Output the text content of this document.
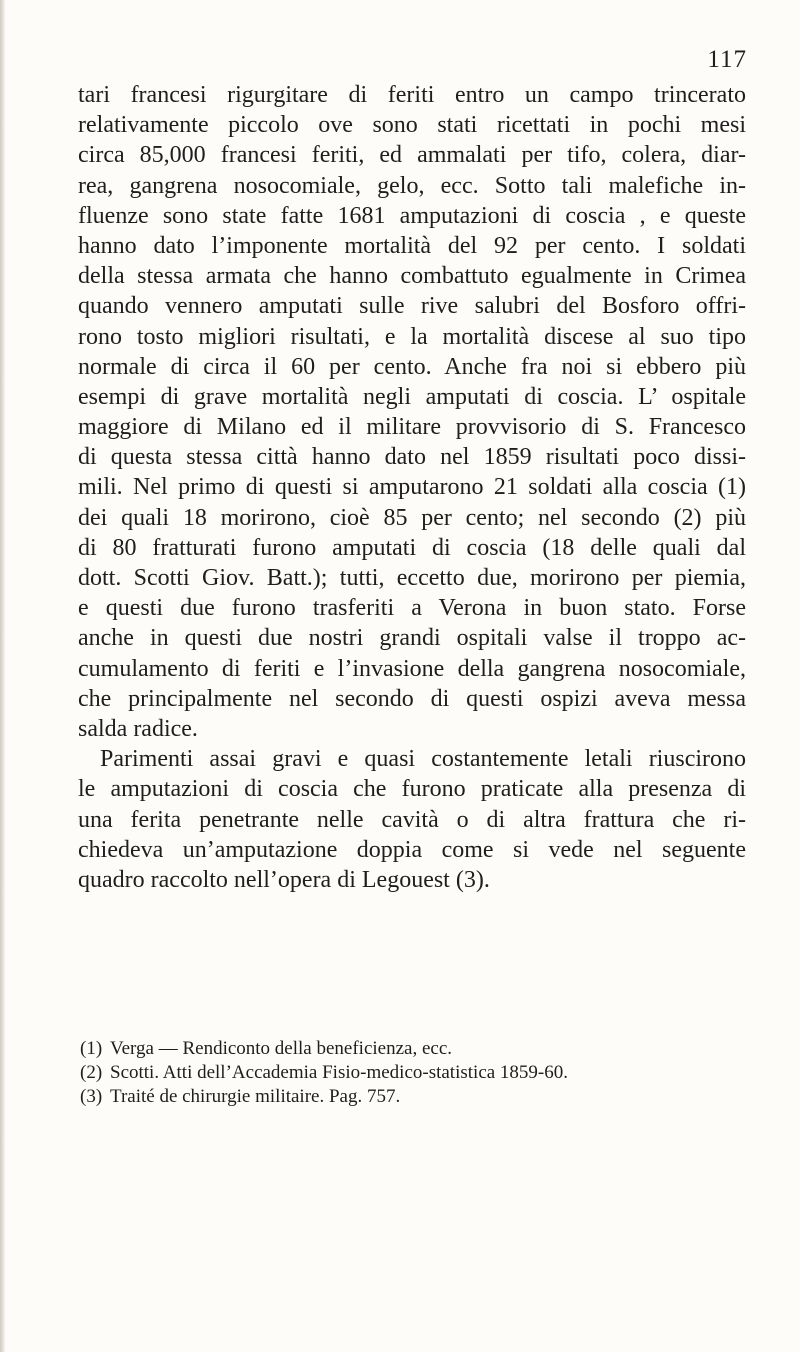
117
tari francesi rigurgitare di feriti entro un campo trincerato
relativamente piccolo ove sono stati ricettati in pochi mesi
circa 85,000 francesi feriti, ed ammalati per tifo, colera, diar-
rea, gangrena nosocomiale, gelo, ecc. Sotto tali malefiche in-
fluenze sono state fatte 1681 amputazioni di coscia , e queste
hanno dato l’imponente mortalità del 92 per cento. I soldati
della stessa armata che hanno combattuto egualmente in Crimea
quando vennero amputati sulle rive salubri del Bosforo offri-
rono tosto migliori risultati, e la mortalità discese al suo tipo
normale di circa il 60 per cento. Anche fra noi si ebbero più
esempi di grave mortalità negli amputati di coscia. L’ ospitale
maggiore di Milano ed il militare provvisorio di S. Francesco
di questa stessa città hanno dato nel 1859 risultati poco dissi-
mili. Nel primo di questi si amputarono 21 soldati alla coscia (1)
dei quali 18 morirono, cioè 85 per cento; nel secondo (2) più
di 80 fratturati furono amputati di coscia (18 delle quali dal
dott. Scotti Giov. Batt.); tutti, eccetto due, morirono per piemia,
e questi due furono trasferiti a Verona in buon stato. Forse
anche in questi due nostri grandi ospitali valse il troppo ac-
cumulamento di feriti e l’invasione della gangrena nosocomiale,
che principalmente nel secondo di questi ospizi aveva messa
salda radice.
Parimenti assai gravi e quasi costantemente letali riuscirono
le amputazioni di coscia che furono praticate alla presenza di
una ferita penetrante nelle cavità o di altra frattura che ri-
chiedeva un’amputazione doppia come si vede nel seguente
quadro raccolto nell’opera di Legouest (3).
(1) Verga — Rendiconto della beneficienza, ecc.
(2) Scotti. Atti dell’Accademia Fisio-medico-statistica 1859-60.
(3) Traité de chirurgie militaire. Pag. 757.
